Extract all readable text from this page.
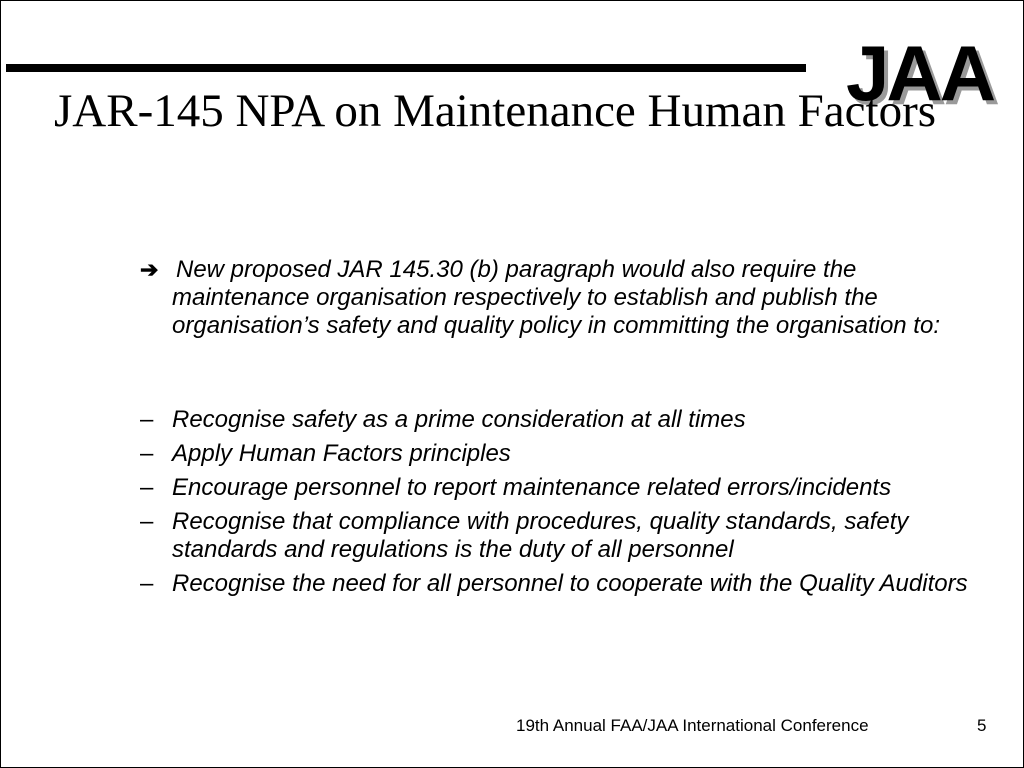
JAA
JAR-145 NPA on Maintenance Human Factors
➔ New proposed JAR 145.30 (b) paragraph would also require the maintenance organisation respectively to establish and publish the organisation’s safety and quality policy in committing the organisation to:
– Recognise safety as a prime consideration at all times
– Apply Human Factors principles
– Encourage personnel to report maintenance related errors/incidents
– Recognise that compliance with procedures, quality standards, safety standards and regulations is the duty of all personnel
– Recognise the need for all personnel to cooperate with the Quality Auditors
19th Annual FAA/JAA International Conference	5
